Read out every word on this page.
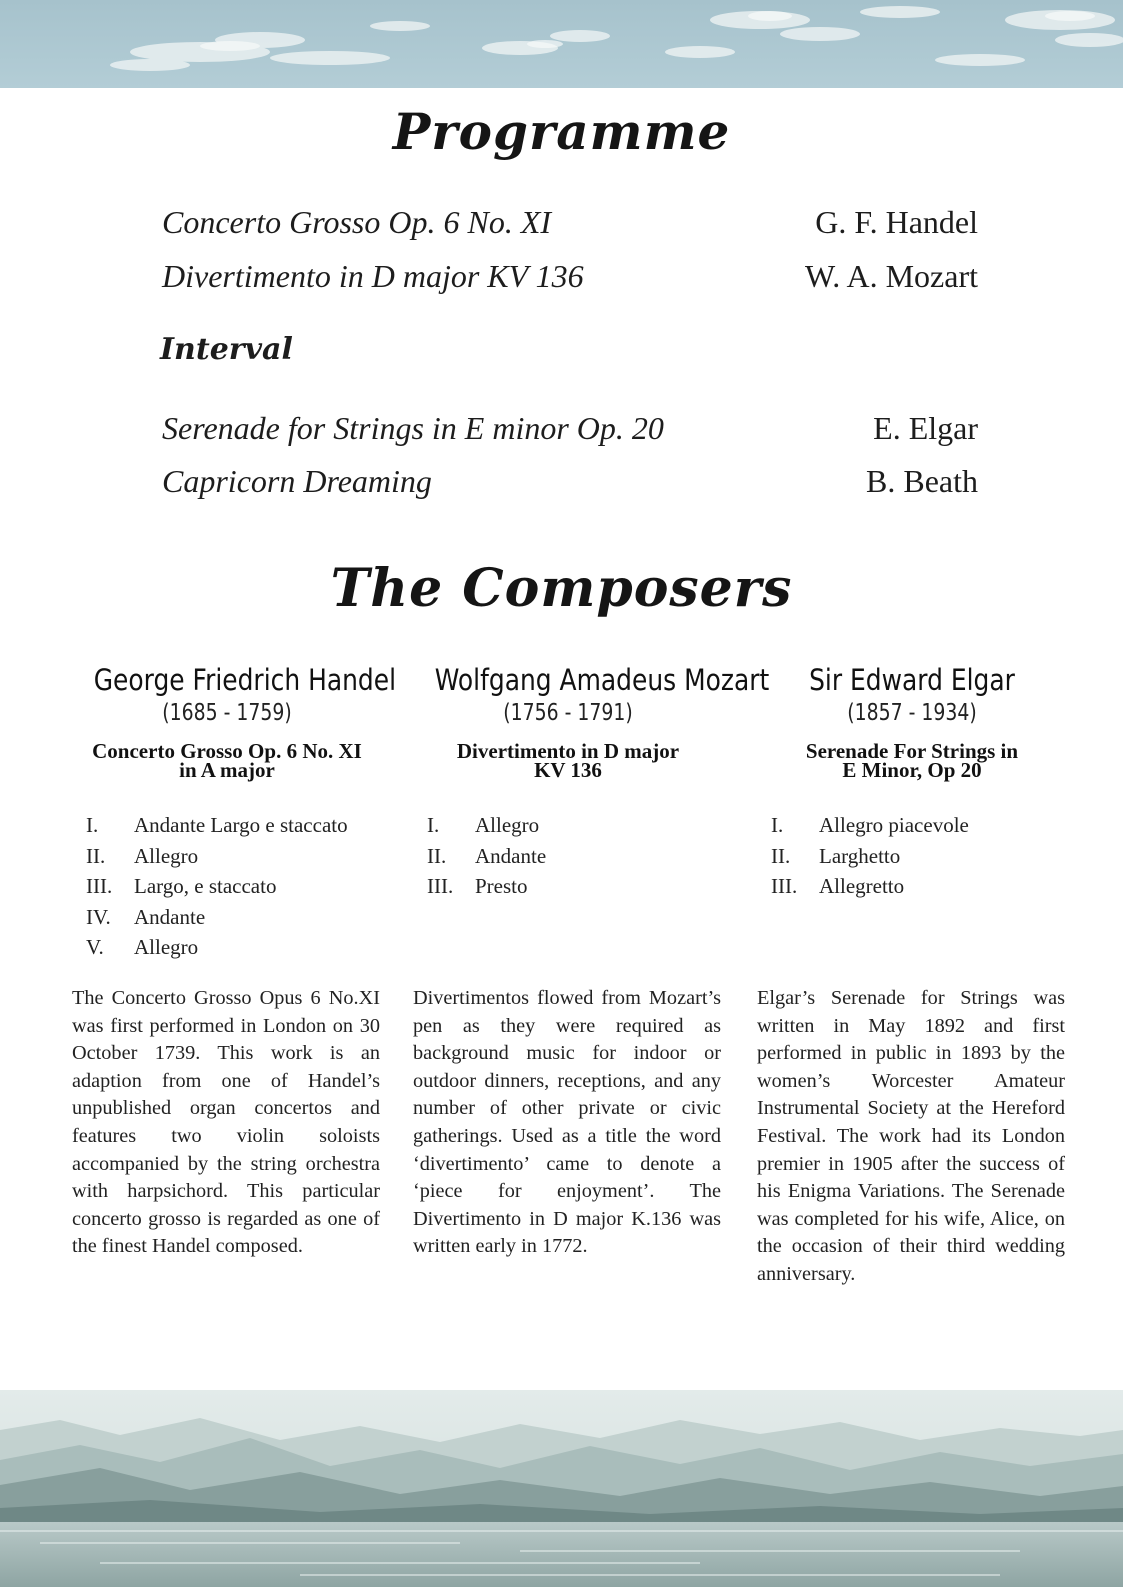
Programme
Concerto Grosso Op. 6 No. XI	G. F. Handel
Divertimento in D major KV 136	W. A. Mozart
Interval
Serenade for Strings in E minor Op. 20	E. Elgar
Capricorn Dreaming	B. Beath
The Composers
George Friedrich Handel
(1685 - 1759)
Concerto Grosso Op. 6 No. XI
in A major
I.	Andante Largo e staccato
II.	Allegro
III.	Largo, e staccato
IV.	Andante
V.	Allegro

The Concerto Grosso Opus 6 No.XI was first performed in London on 30 October 1739. This work is an adaption from one of Handel’s unpublished organ concertos and features two violin soloists accompanied by the string orchestra with harpsichord. This particular concerto grosso is regarded as one of the finest Handel composed.

Wolfgang Amadeus Mozart
(1756 - 1791)
Divertimento in D major
KV 136
I.	Allegro
II.	Andante
III.	Presto

Divertimentos flowed from Mozart’s pen as they were required as background music for indoor or outdoor dinners, receptions, and any number of other private or civic gatherings. Used as a title the word ‘divertimento’ came to denote a ‘piece for enjoyment’. The Divertimento in D major K.136 was written early in 1772.

Sir Edward Elgar
(1857 - 1934)
Serenade For Strings in
E Minor, Op 20
I.	Allegro piacevole
II.	Larghetto
III.	Allegretto

Elgar’s Serenade for Strings was written in May 1892 and first performed in public in 1893 by the women’s Worcester Amateur Instrumental Society at the Hereford Festival. The work had its London premier in 1905 after the success of his Enigma Variations. The Serenade was completed for his wife, Alice, on the occasion of their third wedding anniversary.
